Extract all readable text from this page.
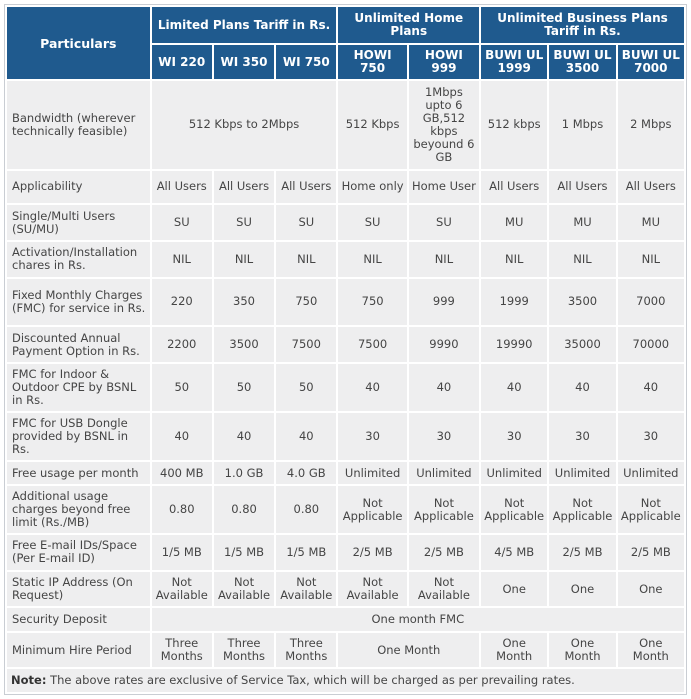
Particulars	Limited Plans Tariff in Rs.			Unlimited Home Plans		Unlimited Business Plans Tariff in Rs.		
	WI 220	WI 350	WI 750	HOWI 750	HOWI 999	BUWI UL 1999	BUWI UL 3500	BUWI UL 7000
Bandwidth (wherever technically feasible)	512 Kbps to 2Mbps			512 Kbps	1Mbps upto 6 GB,512 kbps beyound 6 GB	512 kbps	1 Mbps	2 Mbps
Applicability	All Users	All Users	All Users	Home only	Home User	All Users	All Users	All Users
Single/Multi Users (SU/MU)	SU	SU	SU	SU	SU	MU	MU	MU
Activation/Installation chares in Rs.	NIL	NIL	NIL	NIL	NIL	NIL	NIL	NIL
Fixed Monthly Charges (FMC) for service in Rs.	220	350	750	750	999	1999	3500	7000
Discounted Annual Payment Option in Rs.	2200	3500	7500	7500	9990	19990	35000	70000
FMC for Indoor & Outdoor CPE by BSNL in Rs.	50	50	50	40	40	40	40	40
FMC for USB Dongle provided by BSNL in Rs.	40	40	40	30	30	30	30	30
Free usage per month	400 MB	1.0 GB	4.0 GB	Unlimited	Unlimited	Unlimited	Unlimited	Unlimited
Additional usage charges beyond free limit (Rs./MB)	0.80	0.80	0.80	Not Applicable	Not Applicable	Not Applicable	Not Applicable	Not Applicable
Free E-mail IDs/Space (Per E-mail ID)	1/5 MB	1/5 MB	1/5 MB	2/5 MB	2/5 MB	4/5 MB	2/5 MB	2/5 MB
Static IP Address (On Request)	Not Available	Not Available	Not Available	Not Available	Not Available	One	One	One
Security Deposit	One month FMC							
Minimum Hire Period	Three Months	Three Months	Three Months	One Month		One Month	One Month	One Month
Note: The above rates are exclusive of Service Tax, which will be charged as per prevailing rates.								
